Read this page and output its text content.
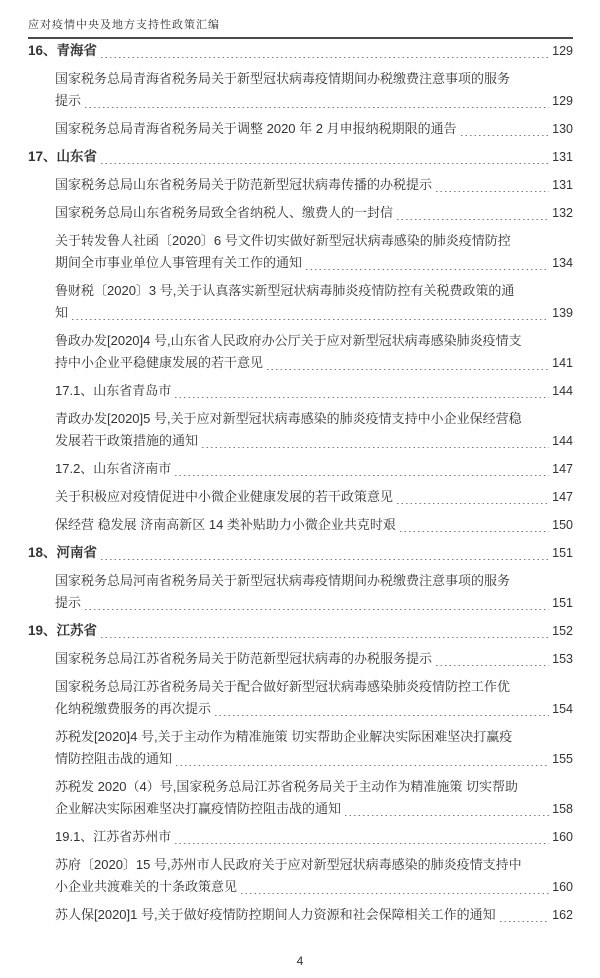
应对疫情中央及地方支持性政策汇编
16、青海省	129
国家税务总局青海省税务局关于新型冠状病毒疫情期间办税缴费注意事项的服务
提示	129
国家税务总局青海省税务局关于调整 2020 年 2 月申报纳税期限的通告	130
17、山东省	131
国家税务总局山东省税务局关于防范新型冠状病毒传播的办税提示	131
国家税务总局山东省税务局致全省纳税人、缴费人的一封信	132
关于转发鲁人社函〔2020〕6 号文件切实做好新型冠状病毒感染的肺炎疫情防控
期间全市事业单位人事管理有关工作的通知	134
鲁财税〔2020〕3 号,关于认真落实新型冠状病毒肺炎疫情防控有关税费政策的通
知	139
鲁政办发[2020]4 号,山东省人民政府办公厅关于应对新型冠状病毒感染肺炎疫情支
持中小企业平稳健康发展的若干意见	141
17.1、山东省青岛市	144
青政办发[2020]5 号,关于应对新型冠状病毒感染的肺炎疫情支持中小企业保经营稳
发展若干政策措施的通知	144
17.2、山东省济南市	147
关于积极应对疫情促进中小微企业健康发展的若干政策意见	147
保经营 稳发展 济南高新区 14 类补贴助力小微企业共克时艰	150
18、河南省	151
国家税务总局河南省税务局关于新型冠状病毒疫情期间办税缴费注意事项的服务
提示	151
19、江苏省	152
国家税务总局江苏省税务局关于防范新型冠状病毒的办税服务提示	153
国家税务总局江苏省税务局关于配合做好新型冠状病毒感染肺炎疫情防控工作优
化纳税缴费服务的再次提示	154
苏税发[2020]4 号,关于主动作为精准施策 切实帮助企业解决实际困难坚决打赢疫
情防控阻击战的通知	155
苏税发 2020（4）号,国家税务总局江苏省税务局关于主动作为精准施策 切实帮助
企业解决实际困难坚决打赢疫情防控阻击战的通知	158
19.1、江苏省苏州市	160
苏府〔2020〕15 号,苏州市人民政府关于应对新型冠状病毒感染的肺炎疫情支持中
小企业共渡难关的十条政策意见	160
苏人保[2020]1 号,关于做好疫情防控期间人力资源和社会保障相关工作的通知	162
4
